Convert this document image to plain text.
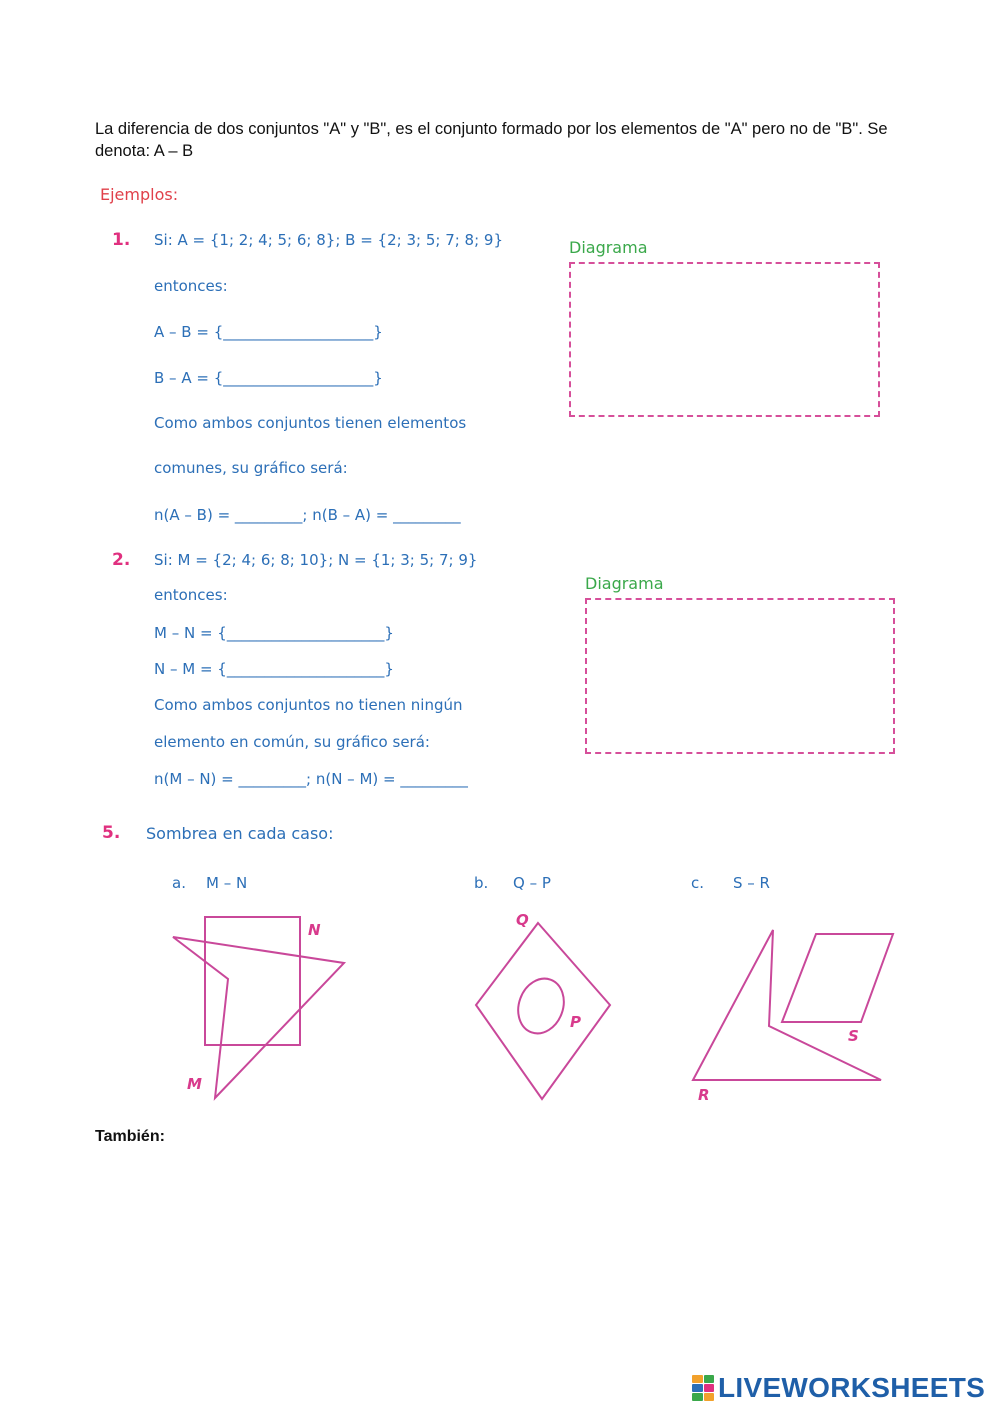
La diferencia de dos conjuntos "A" y "B", es el conjunto formado por los elementos de "A" pero no de "B". Se denota: A – B
Ejemplos:
1. Si: A = {1; 2; 4; 5; 6; 8}; B = {2; 3; 5; 7; 8; 9}
entonces:
A – B = {____________________}
B – A = {____________________}
Como ambos conjuntos tienen elementos
comunes, su gráfico será:
n(A – B) = _________; n(B – A) = _________
Diagrama
2. Si: M = {2; 4; 6; 8; 10}; N = {1; 3; 5; 7; 9}
entonces:
M – N = {_____________________}
N – M = {_____________________}
Como ambos conjuntos no tienen ningún
elemento en común, su gráfico será:
n(M – N) = _________; n(N – M) = _________
Diagrama
5. Sombrea en cada caso:
a. M – N	b. Q – P	c. S – R
N
M
Q
P
S
R
También:
LIVEWORKSHEETS
